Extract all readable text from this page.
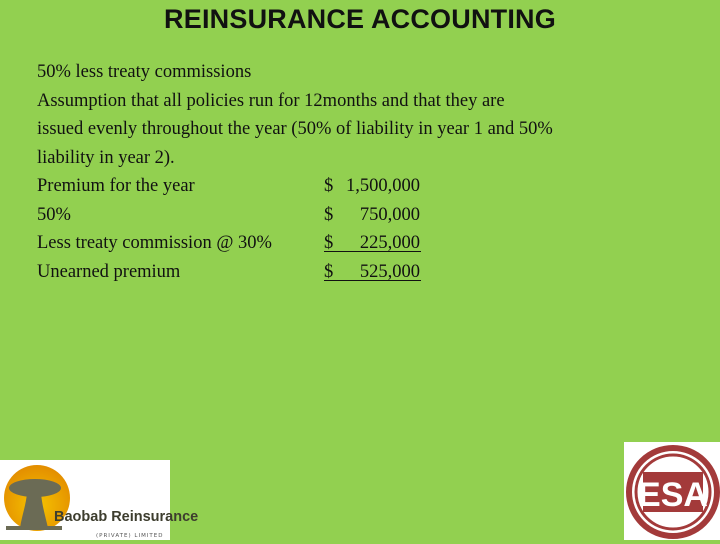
REINSURANCE ACCOUNTING
50% less treaty commissions
Assumption that all policies run for 12months and that they are
issued evenly throughout the year (50% of liability in year 1 and 50%
liability in year 2).
Premium for the year	$ 1,500,000
50%	$	750,000
Less treaty commission @ 30%	$	225,000
Unearned premium	$	525,000
Baobab Reinsurance
(PRIVATE) LIMITED
ESA
